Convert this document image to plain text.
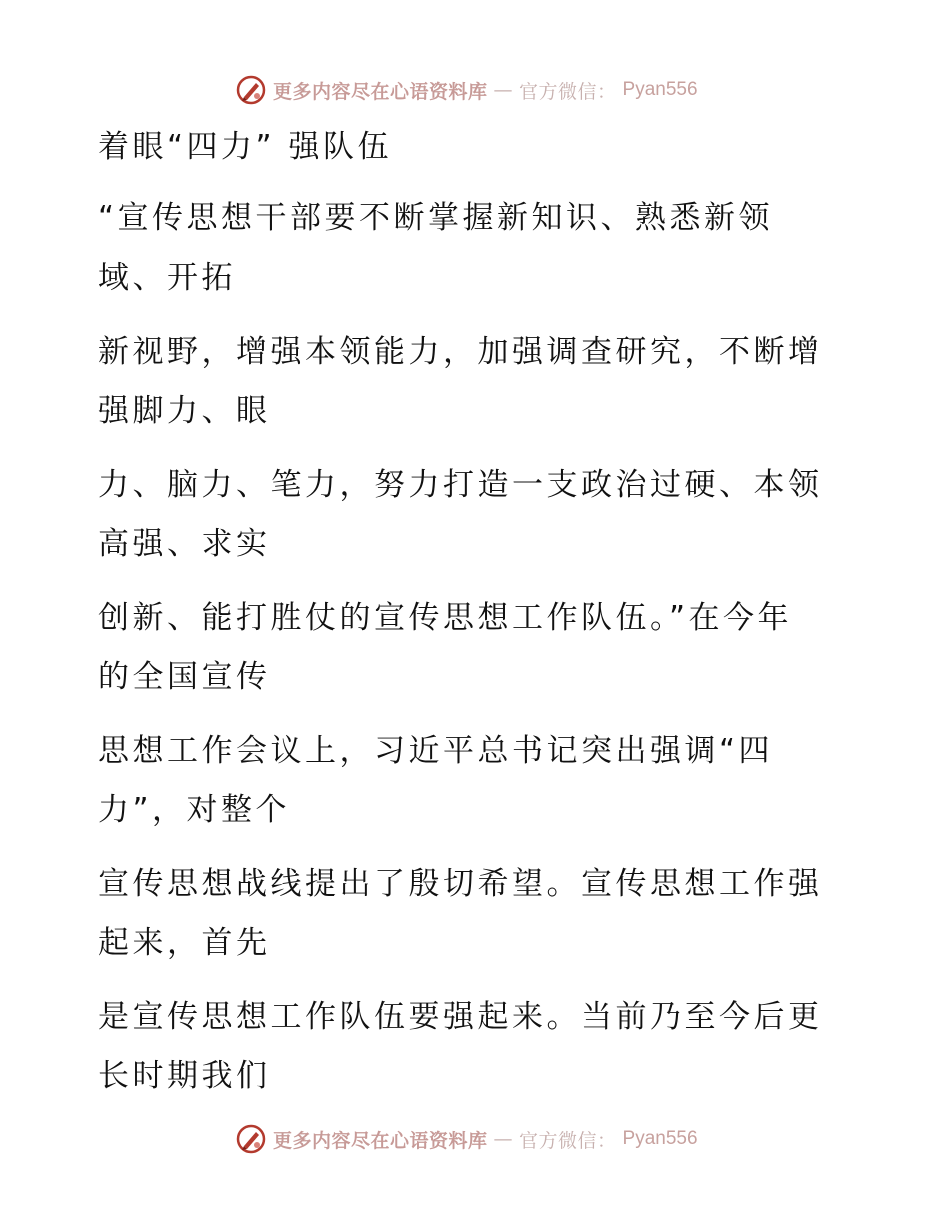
更多内容尽在心语资料库 — 官方微信： Pyan556
着眼“四力” 强队伍
“宣传思想干部要不断掌握新知识、熟悉新领
域、开拓
新视野，增强本领能力，加强调查研究，不断增
强脚力、眼
力、脑力、笔力，努力打造一支政治过硬、本领
高强、求实
创新、能打胜仗的宣传思想工作队伍。”在今年
的全国宣传
思想工作会议上，习近平总书记突出强调“四
力”，对整个
宣传思想战线提出了殷切希望。宣传思想工作强
起来，首先
是宣传思想工作队伍要强起来。当前乃至今后更
长时期我们
更多内容尽在心语资料库 — 官方微信： Pyan556
